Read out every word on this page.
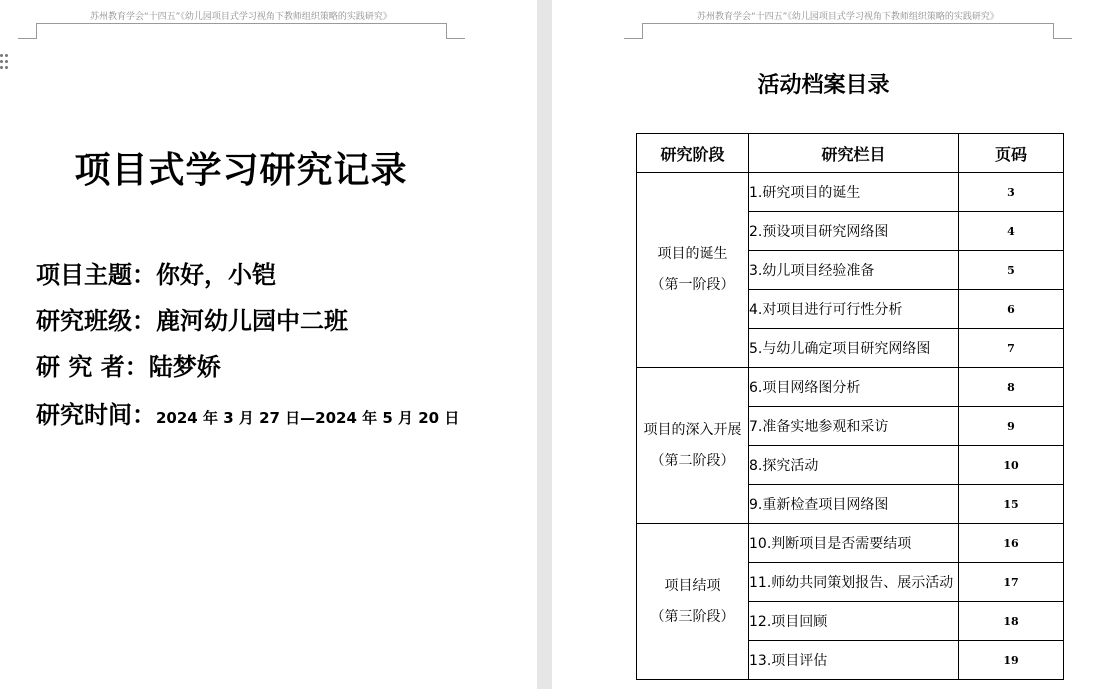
苏州教育学会“十四五”《幼儿园项目式学习视角下教师组织策略的实践研究》
项目式学习研究记录
项目主题：你好，小铠
研究班级：鹿河幼儿园中二班
研 究 者：陆梦娇
研究时间：2024 年 3 月 27 日—2024 年 5 月 20 日
苏州教育学会“十四五”《幼儿园项目式学习视角下教师组织策略的实践研究》
活动档案目录
研究阶段	研究栏目	页码

项目的诞生
（第一阶段）	1.研究项目的诞生	3
	2.预设项目研究网络图	4
	3.幼儿项目经验准备	5
	4.对项目进行可行性分析	6
	5.与幼儿确定项目研究网络图	7

项目的深入开展
（第二阶段）	6.项目网络图分析	8
	7.准备实地参观和采访	9
	8.探究活动	10
	9.重新检查项目网络图	15

项目结项
（第三阶段）	10.判断项目是否需要结项	16
	11.师幼共同策划报告、展示活动	17
	12.项目回顾	18
	13.项目评估	19
